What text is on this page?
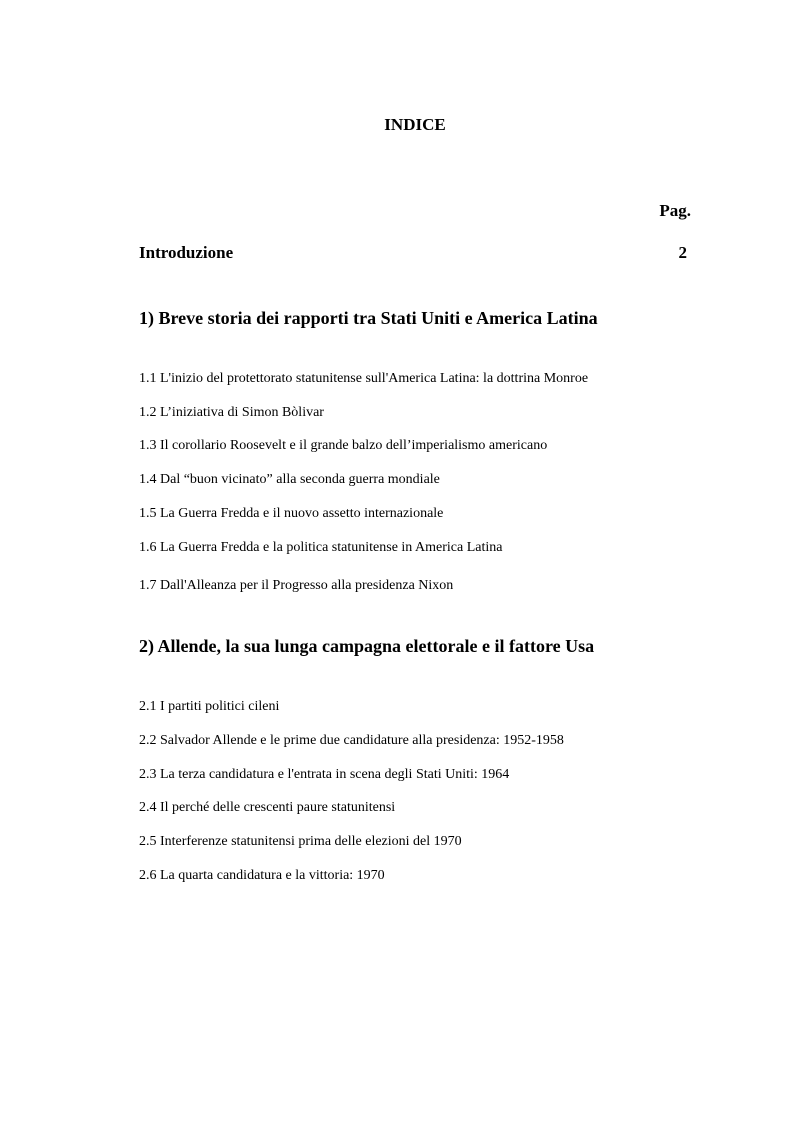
INDICE
Pag.
Introduzione	2
1) Breve storia dei rapporti tra Stati Uniti e America Latina
1.1 L'inizio del protettorato statunitense sull'America Latina: la dottrina Monroe
1.2 L’iniziativa di Simon Bòlivar
1.3 Il corollario Roosevelt e il grande balzo dell’imperialismo americano
1.4 Dal “buon vicinato” alla seconda guerra mondiale
1.5 La Guerra Fredda e il nuovo assetto internazionale
1.6 La Guerra Fredda e la politica statunitense in America Latina
1.7 Dall'Alleanza per il Progresso alla presidenza Nixon
2) Allende, la sua lunga campagna elettorale e il fattore Usa
2.1 I partiti politici cileni
2.2 Salvador Allende e le prime due candidature alla presidenza: 1952-1958
2.3 La terza candidatura e l'entrata in scena degli Stati Uniti: 1964
2.4 Il perché delle crescenti paure statunitensi
2.5 Interferenze statunitensi prima delle elezioni del 1970
2.6 La quarta candidatura e la vittoria: 1970
